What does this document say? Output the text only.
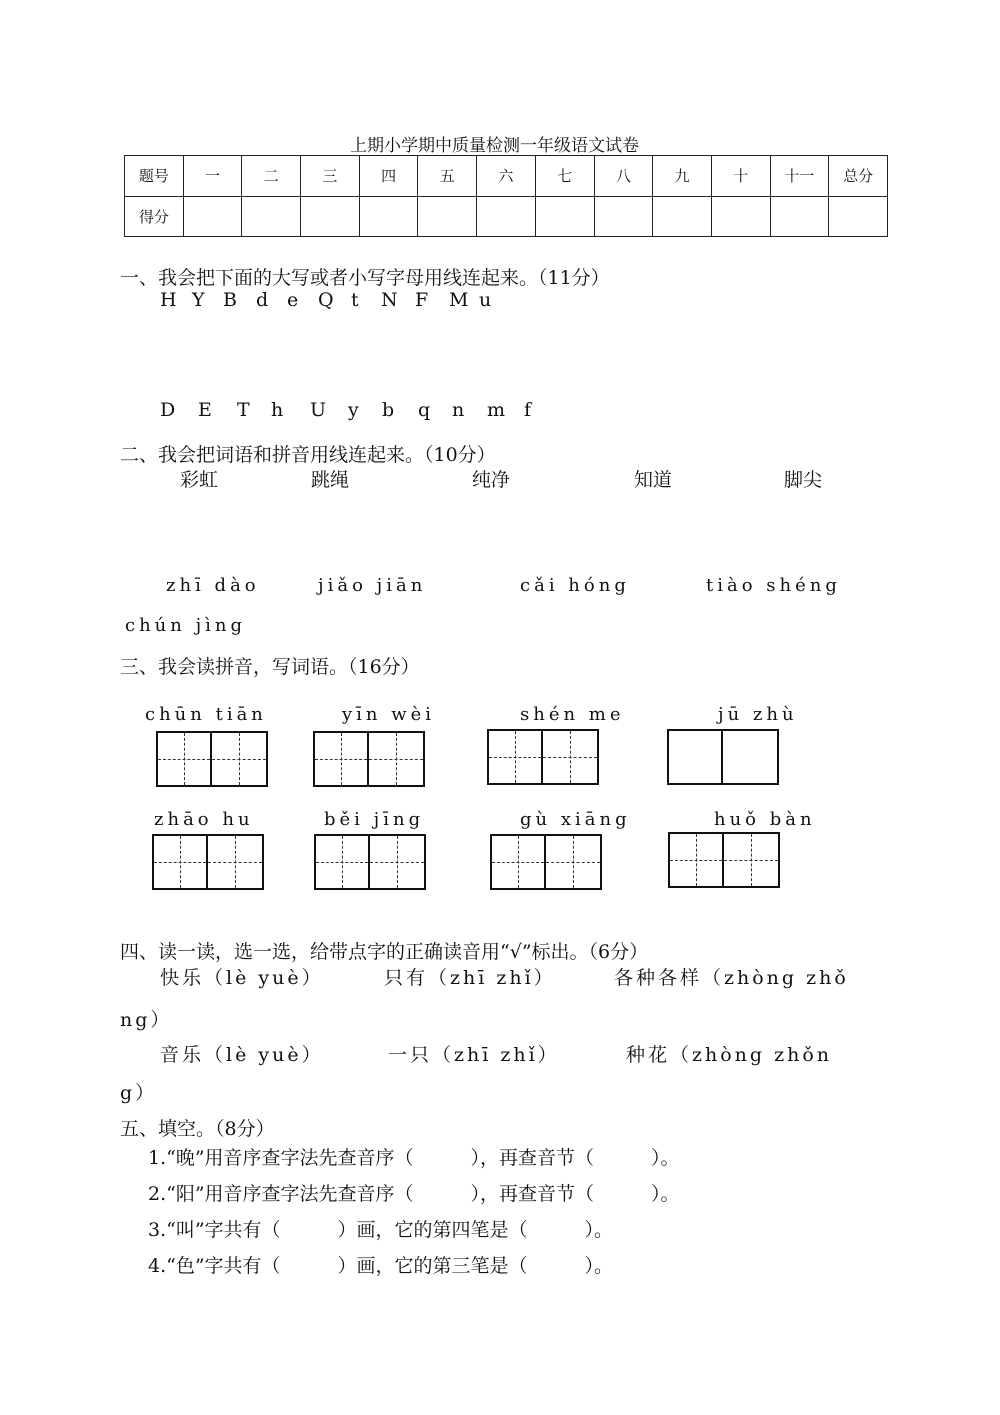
上期小学期中质量检测一年级语文试卷
题号	一	二	三	四	五	六	七	八	九	十	十一	总分
得分												
一、我会把下面的大写或者小写字母用线连起来。（11分）
H Y B d e Q t N F M u
D E T h U y b q n m f
二、我会把词语和拼音用线连起来。（10分）
彩虹	跳绳	纯净	知道	脚尖
zhī dào	jiǎo jiān	cǎi hóng	tiào shéng
chún jìng
三、我会读拼音，写词语。（16分）
chūn tiān	yīn wèi	shén me	jū zhù
zhāo hu	běi jīng	gù xiāng	huǒ bàn
四、读一读，选一选，给带点字的正确读音用“√”标出。（6分）
快乐（lè yuè）	只有（zhī zhǐ）	各种各样（zhòng zhǒ
ng）
音乐（lè yuè）	一只（zhī zhǐ）	种花（zhòng zhǒn
g）
五、填空。（8分）
1.“晚”用音序查字法先查音序（　　　），再查音节（　　　）。
2.“阳”用音序查字法先查音序（　　　），再查音节（　　　）。
3.“叫”字共有（　　　）画，它的第四笔是（　　　）。
4.“色”字共有（　　　）画，它的第三笔是（　　　）。
